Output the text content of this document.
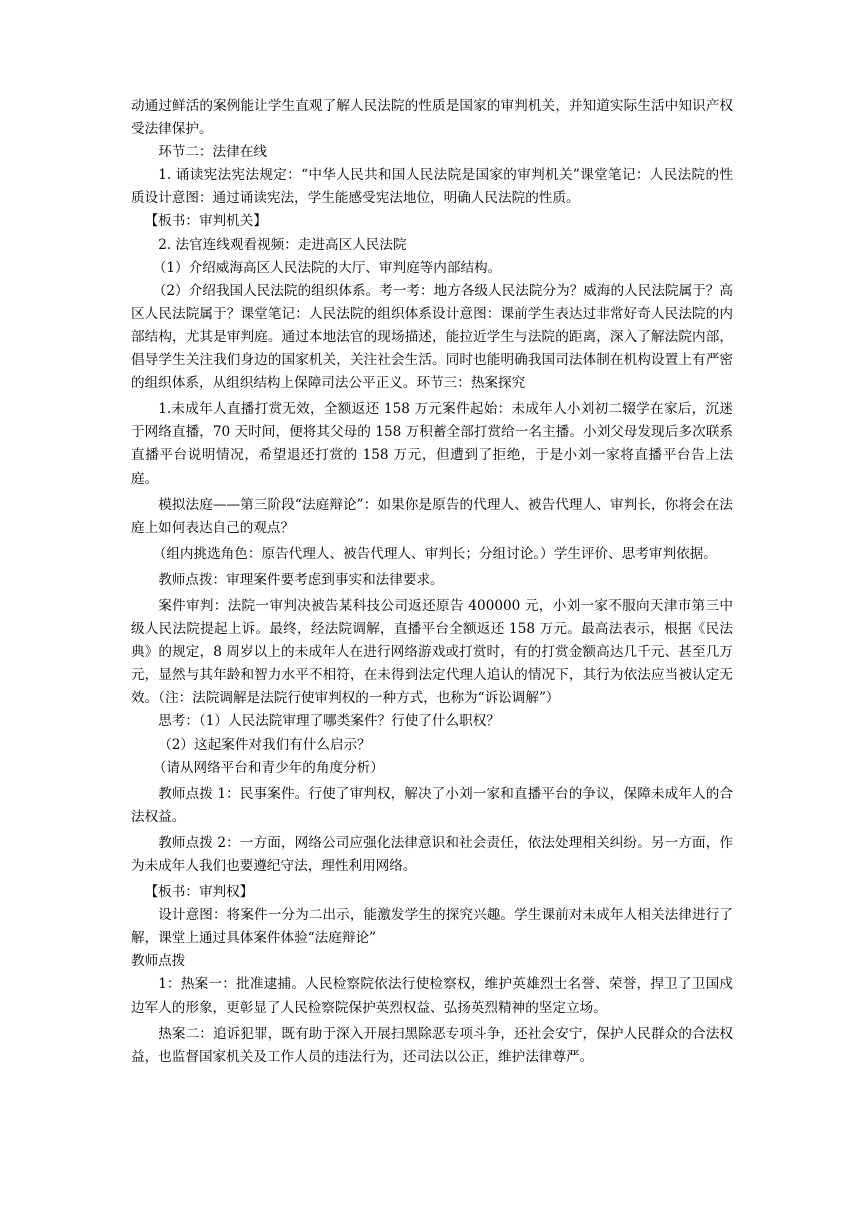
动通过鲜活的案例能让学生直观了解人民法院的性质是国家的审判机关，并知道实际生活中知识产权受法律保护。

环节二：法律在线

1. 诵读宪法宪法规定：“中华人民共和国人民法院是国家的审判机关”课堂笔记：人民法院的性质设计意图：通过诵读宪法，学生能感受宪法地位，明确人民法院的性质。

【板书：审判机关】

2. 法官连线观看视频：走进高区人民法院

（1）介绍威海高区人民法院的大厅、审判庭等内部结构。

（2）介绍我国人民法院的组织体系。考一考：地方各级人民法院分为？威海的人民法院属于？高区人民法院属于？课堂笔记：人民法院的组织体系设计意图：课前学生表达过非常好奇人民法院的内部结构，尤其是审判庭。通过本地法官的现场描述，能拉近学生与法院的距离，深入了解法院内部，倡导学生关注我们身边的国家机关，关注社会生活。同时也能明确我国司法体制在机构设置上有严密的组织体系，从组织结构上保障司法公平正义。环节三：热案探究

1.未成年人直播打赏无效，全额返还 158 万元案件起始：未成年人小刘初二辍学在家后，沉迷于网络直播，70 天时间，便将其父母的 158 万积蓄全部打赏给一名主播。小刘父母发现后多次联系直播平台说明情况，希望退还打赏的 158 万元，但遭到了拒绝，于是小刘一家将直播平台告上法庭。

模拟法庭——第三阶段“法庭辩论”：如果你是原告的代理人、被告代理人、审判长，你将会在法庭上如何表达自己的观点？

（组内挑选角色：原告代理人、被告代理人、审判长；分组讨论。）学生评价、思考审判依据。

教师点拨：审理案件要考虑到事实和法律要求。

案件审判：法院一审判决被告某科技公司返还原告 400000 元，小刘一家不服向天津市第三中级人民法院提起上诉。最终，经法院调解，直播平台全额返还 158 万元。最高法表示，根据《民法典》的规定，8 周岁以上的未成年人在进行网络游戏或打赏时，有的打赏金额高达几千元、甚至几万元，显然与其年龄和智力水平不相符，在未得到法定代理人追认的情况下，其行为依法应当被认定无效。（注：法院调解是法院行使审判权的一种方式，也称为“诉讼调解”）

思考：（1）人民法院审理了哪类案件？行使了什么职权？

（2）这起案件对我们有什么启示？

（请从网络平台和青少年的角度分析）

教师点拨 1：民事案件。行使了审判权，解决了小刘一家和直播平台的争议，保障未成年人的合法权益。

教师点拨 2：一方面，网络公司应强化法律意识和社会责任，依法处理相关纠纷。另一方面，作为未成年人我们也要遵纪守法，理性利用网络。

【板书：审判权】

设计意图：将案件一分为二出示，能激发学生的探究兴趣。学生课前对未成年人相关法律进行了解，课堂上通过具体案件体验“法庭辩论”

教师点拨

1：热案一：批准逮捕。人民检察院依法行使检察权，维护英雄烈士名誉、荣誉，捍卫了卫国戍边军人的形象，更彰显了人民检察院保护英烈权益、弘扬英烈精神的坚定立场。

热案二：追诉犯罪，既有助于深入开展扫黑除恶专项斗争，还社会安宁，保护人民群众的合法权益，也监督国家机关及工作人员的违法行为，还司法以公正，维护法律尊严。
